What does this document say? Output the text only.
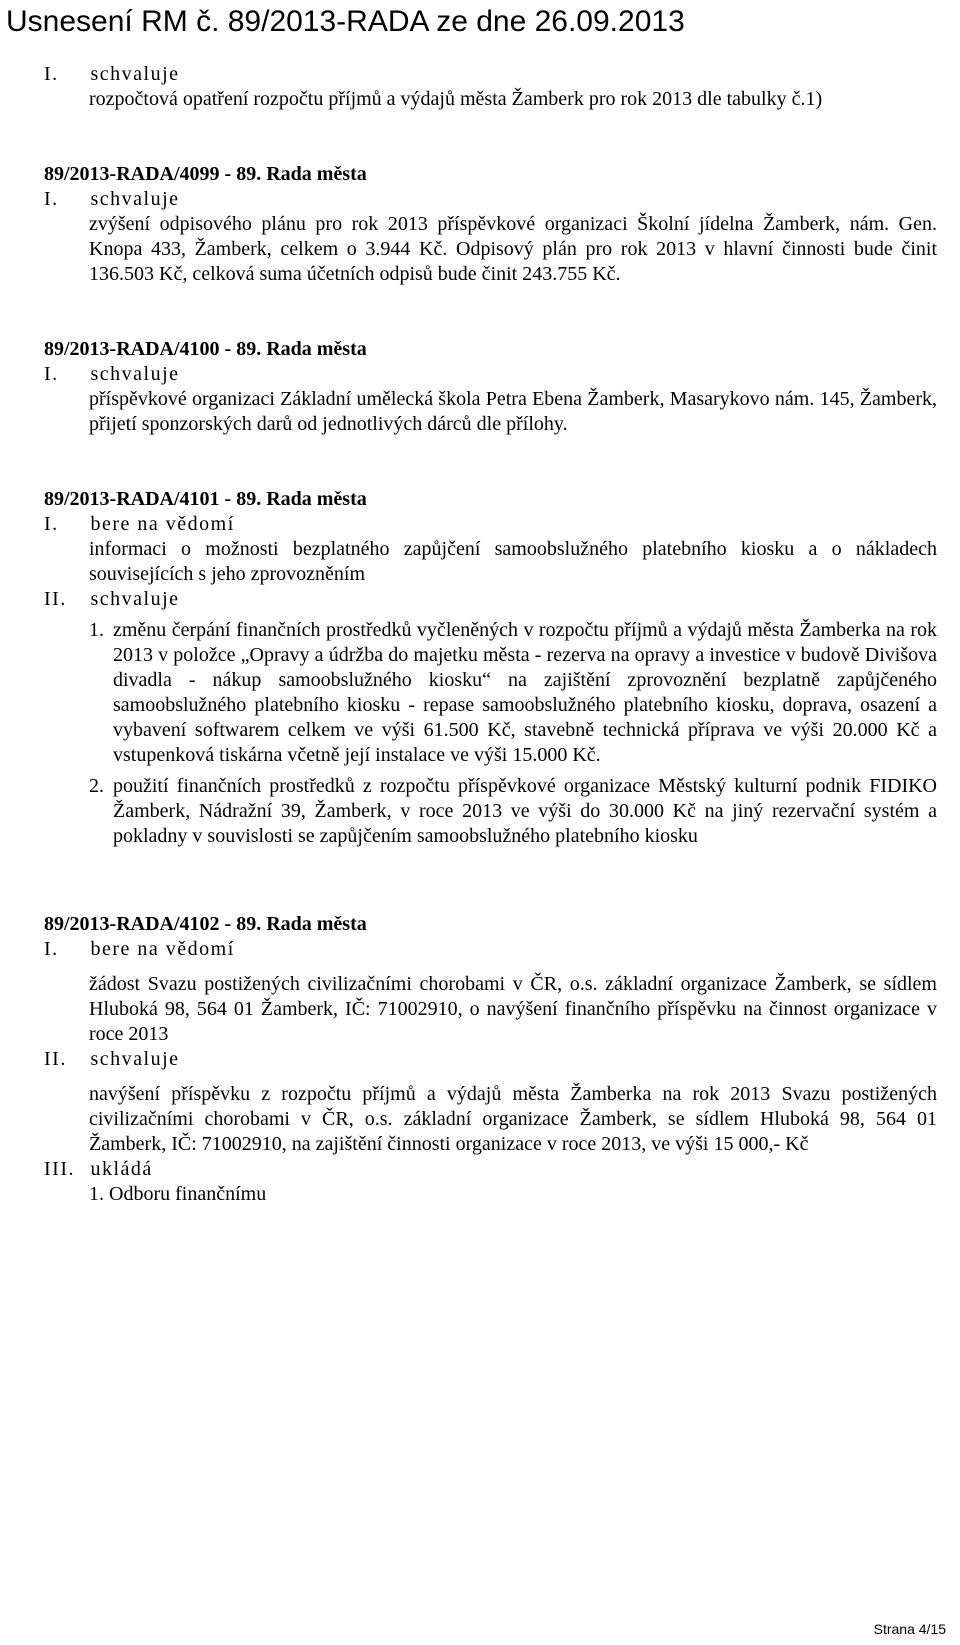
Usnesení RM č. 89/2013-RADA ze dne 26.09.2013
I. schvaluje
rozpočtová opatření rozpočtu příjmů a výdajů města Žamberk pro rok 2013 dle tabulky č.1)
89/2013-RADA/4099 - 89. Rada města
I. schvaluje
zvýšení odpisového plánu pro rok 2013 příspěvkové organizaci Školní jídelna Žamberk, nám. Gen. Knopa 433, Žamberk, celkem o 3.944 Kč. Odpisový plán pro rok 2013 v hlavní činnosti bude činit 136.503 Kč, celková suma účetních odpisů bude činit 243.755 Kč.
89/2013-RADA/4100 - 89. Rada města
I. schvaluje
příspěvkové organizaci Základní umělecká škola Petra Ebena Žamberk, Masarykovo nám. 145, Žamberk, přijetí sponzorských darů od jednotlivých dárců dle přílohy.
89/2013-RADA/4101 - 89. Rada města
I. bere na vědomí
informaci o možnosti bezplatného zapůjčení samoobslužného platebního kiosku a o nákladech souvisejících s jeho zprovozněním
II. schvaluje
1. změnu čerpání finančních prostředků vyčleněných v rozpočtu příjmů a výdajů města Žamberka na rok 2013 v položce „Opravy a údržba do majetku města - rezerva na opravy a investice v budově Divišova divadla - nákup samoobslužného kiosku“ na zajištění zprovoznění bezplatně zapůjčeného samoobslužného platebního kiosku - repase samoobslužného platebního kiosku, doprava, osazení a vybavení softwarem celkem ve výši 61.500 Kč, stavebně technická příprava ve výši 20.000 Kč a vstupenková tiskárna včetně její instalace ve výši 15.000 Kč.
2. použití finančních prostředků z rozpočtu příspěvkové organizace Městský kulturní podnik FIDIKO Žamberk, Nádražní 39, Žamberk, v roce 2013 ve výši do 30.000 Kč na jiný rezervační systém a pokladny v souvislosti se zapůjčením samoobslužného platebního kiosku
89/2013-RADA/4102 - 89. Rada města
I. bere na vědomí
žádost Svazu postižených civilizačními chorobami v ČR, o.s. základní organizace Žamberk, se sídlem Hluboká 98, 564 01 Žamberk, IČ: 71002910, o navýšení finančního příspěvku na činnost organizace v roce 2013
II. schvaluje
navýšení příspěvku z rozpočtu příjmů a výdajů města Žamberka na rok 2013 Svazu postižených civilizačními chorobami v ČR, o.s. základní organizace Žamberk, se sídlem Hluboká 98, 564 01 Žamberk, IČ: 71002910, na zajištění činnosti organizace v roce 2013, ve výši 15 000,- Kč
III. ukládá
1. Odboru finančnímu
Strana 4/15
